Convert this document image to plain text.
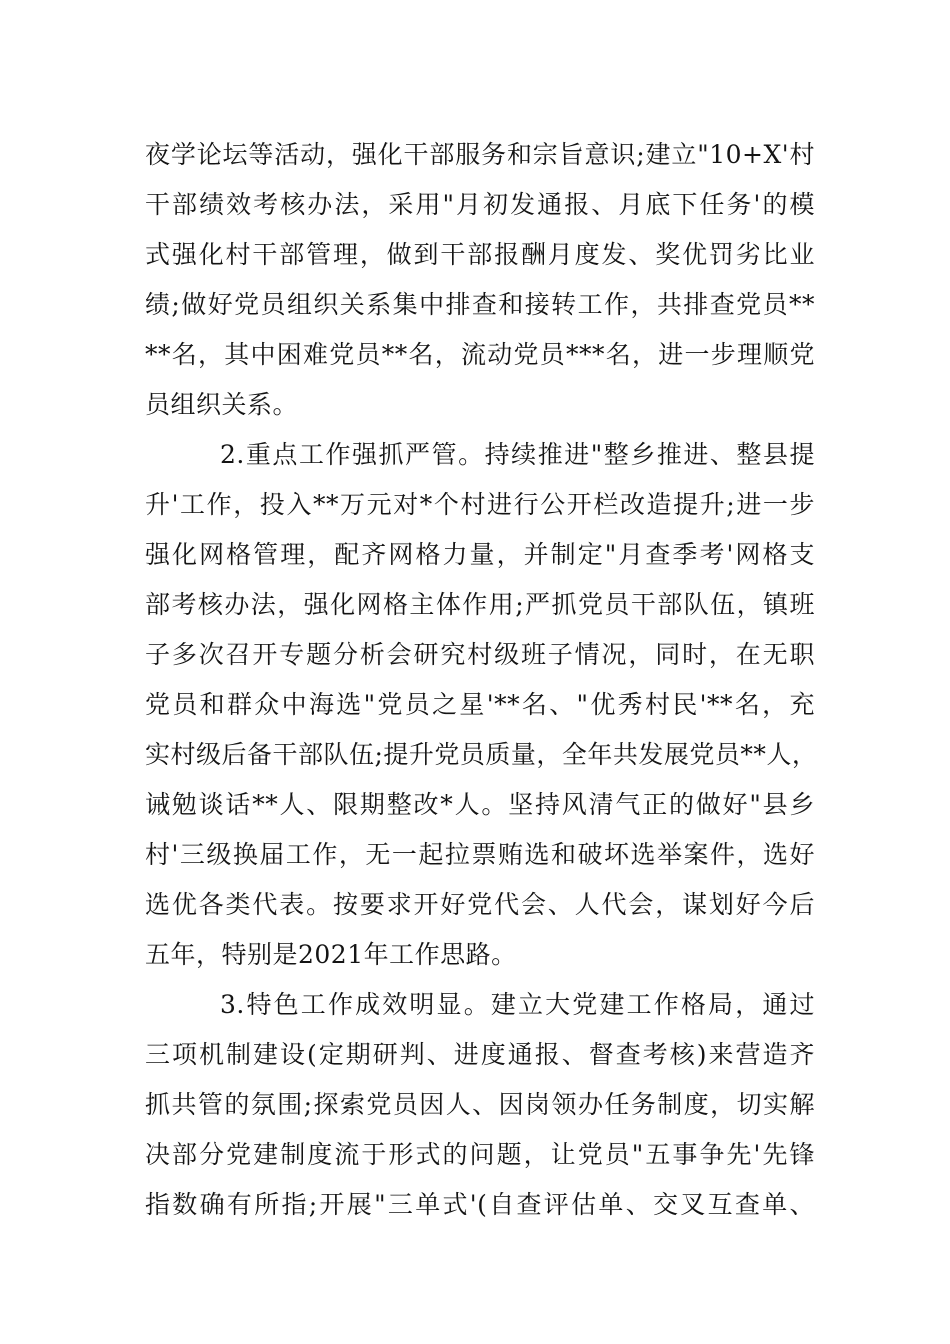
夜学论坛等活动，强化干部服务和宗旨意识;建立"10+X'村
干部绩效考核办法，采用"月初发通报、月底下任务'的模
式强化村干部管理，做到干部报酬月度发、奖优罚劣比业
绩;做好党员组织关系集中排查和接转工作，共排查党员**
**名，其中困难党员**名，流动党员***名，进一步理顺党
员组织关系。
2.重点工作强抓严管。持续推进"整乡推进、整县提
升'工作，投入**万元对*个村进行公开栏改造提升;进一步
强化网格管理，配齐网格力量，并制定"月查季考'网格支
部考核办法，强化网格主体作用;严抓党员干部队伍，镇班
子多次召开专题分析会研究村级班子情况，同时，在无职
党员和群众中海选"党员之星'**名、"优秀村民'**名，充
实村级后备干部队伍;提升党员质量，全年共发展党员**人，
诫勉谈话**人、限期整改*人。坚持风清气正的做好"县乡
村'三级换届工作，无一起拉票贿选和破坏选举案件，选好
选优各类代表。按要求开好党代会、人代会，谋划好今后
五年，特别是2021年工作思路。
3.特色工作成效明显。建立大党建工作格局，通过
三项机制建设(定期研判、进度通报、督查考核)来营造齐
抓共管的氛围;探索党员因人、因岗领办任务制度，切实解
决部分党建制度流于形式的问题，让党员"五事争先'先锋
指数确有所指;开展"三单式'(自查评估单、交叉互查单、
